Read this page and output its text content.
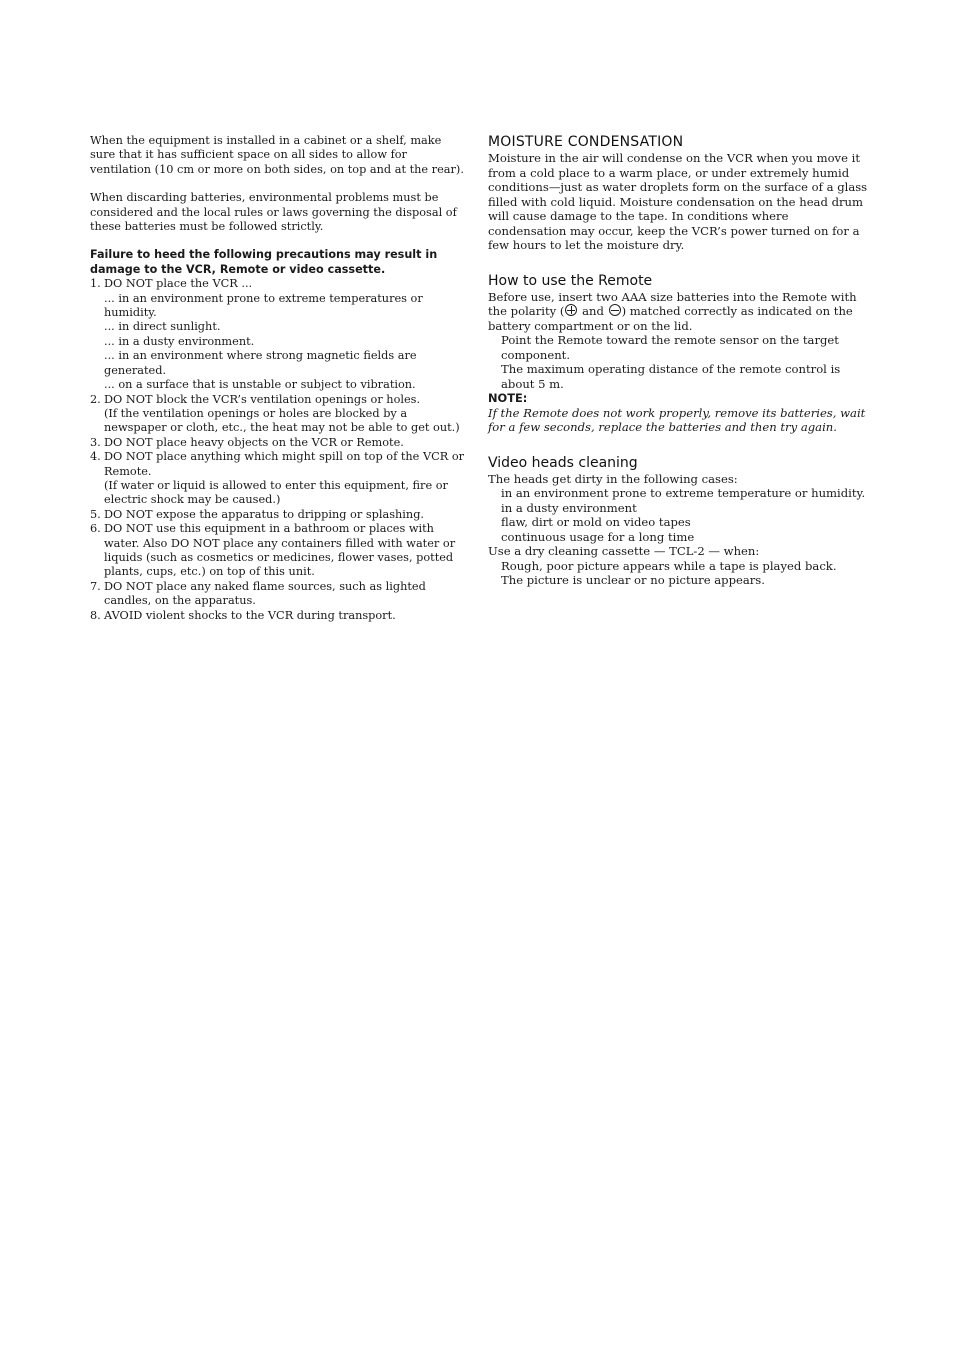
When the equipment is installed in a cabinet or a shelf, make sure that it has sufficient space on all sides to allow for ventilation (10 cm or more on both sides, on top and at the rear).

When discarding batteries, environmental problems must be considered and the local rules or laws governing the disposal of these batteries must be followed strictly.

Failure to heed the following precautions may result in damage to the VCR, Remote or video cassette.

1. DO NOT place the VCR ...
... in an environment prone to extreme temperatures or humidity.
... in direct sunlight.
... in a dusty environment.
... in an environment where strong magnetic fields are generated.
... on a surface that is unstable or subject to vibration.
2. DO NOT block the VCR’s ventilation openings or holes.
(If the ventilation openings or holes are blocked by a newspaper or cloth, etc., the heat may not be able to get out.)
3. DO NOT place heavy objects on the VCR or Remote.
4. DO NOT place anything which might spill on top of the VCR or Remote.
(If water or liquid is allowed to enter this equipment, fire or electric shock may be caused.)
5. DO NOT expose the apparatus to dripping or splashing.
6. DO NOT use this equipment in a bathroom or places with water. Also DO NOT place any containers filled with water or liquids (such as cosmetics or medicines, flower vases, potted plants, cups, etc.) on top of this unit.
7. DO NOT place any naked flame sources, such as lighted candles, on the apparatus.
8. AVOID violent shocks to the VCR during transport.
MOISTURE CONDENSATION

Moisture in the air will condense on the VCR when you move it from a cold place to a warm place, or under extremely humid conditions—just as water droplets form on the surface of a glass filled with cold liquid. Moisture condensation on the head drum will cause damage to the tape. In conditions where condensation may occur, keep the VCR’s power turned on for a few hours to let the moisture dry.

How to use the Remote

Before use, insert two AAA size batteries into the Remote with the polarity ( and ) matched correctly as indicated on the battery compartment or on the lid.

Point the Remote toward the remote sensor on the target component.
The maximum operating distance of the remote control is about 5 m.

NOTE:

If the Remote does not work properly, remove its batteries, wait for a few seconds, replace the batteries and then try again.

Video heads cleaning

The heads get dirty in the following cases:

in an environment prone to extreme temperature or humidity.
in a dusty environment
flaw, dirt or mold on video tapes
continuous usage for a long time

Use a dry cleaning cassette — TCL-2 — when:

Rough, poor picture appears while a tape is played back.
The picture is unclear or no picture appears.
